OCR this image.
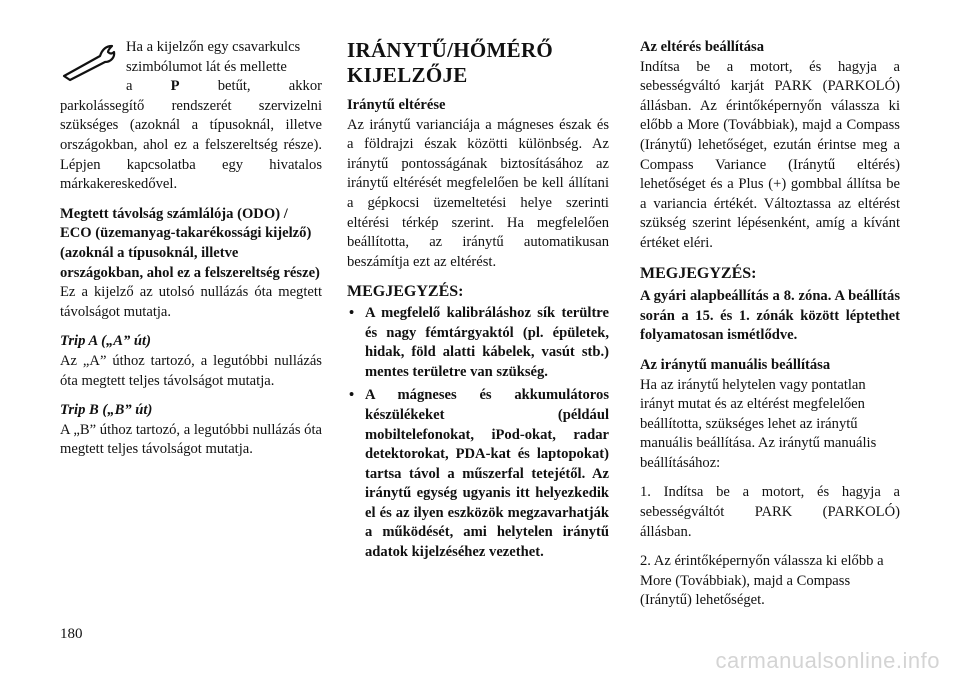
Ha a kijelzőn egy csavarkulcs
szimbólumot lát és mellette
a	P	betűt,	akkor
parkolássegítő rendszerét szervizelni szükséges (azoknál a típusoknál, illetve országokban, ahol ez a felszereltség része). Lépjen kapcsolatba egy hivatalos márkakereskedővel.
Megtett távolság számlálója (ODO) / ECO (üzemanyag-takarékossági kijelző) (azoknál a típusoknál, illetve országokban, ahol ez a felszereltség része)
Ez a kijelző az utolsó nullázás óta megtett távolságot mutatja.
Trip A („A” út)
Az „A” úthoz tartozó, a legutóbbi nullázás óta megtett teljes távolságot mutatja.
Trip B („B” út)
A „B” úthoz tartozó, a legutóbbi nullázás óta megtett teljes távolságot mutatja.
IRÁNYTŰ/HŐMÉRŐ
KIJELZŐJE
Iránytű eltérése
Az iránytű varianciája a mágneses észak és a földrajzi észak közötti különbség. Az iránytű pontosságának biztosításához az iránytű eltérését megfelelően be kell állítani a gépkocsi üzemeltetési helye szerinti eltérési térkép szerint. Ha megfelelően beállította, az iránytű automatikusan beszámítja ezt az eltérést.
MEGJEGYZÉS:
• A megfelelő kalibráláshoz sík terültre és nagy fémtárgyaktól (pl. épületek, hidak, föld alatti kábelek, vasút stb.) mentes területre van szükség.
• A mágneses és akkumulátoros készülékeket (például mobiltelefonokat, iPod-okat, radar detektorokat, PDA-kat és laptopokat) tartsa távol a műszerfal tetejétől. Az iránytű egység ugyanis itt helyezkedik el és az ilyen eszközök megzavarhatják a működését, ami helytelen iránytű adatok kijelzéséhez vezethet.
Az eltérés beállítása
Indítsa be a motort, és hagyja a sebességváltó karját PARK (PARKOLÓ) állásban. Az érintőképernyőn válassza ki előbb a More (Továbbiak), majd a Compass (Iránytű) lehetőséget, ezután érintse meg a Compass Variance (Iránytű eltérés) lehetőséget és a Plus (+) gombbal állítsa be a variancia értékét. Változtassa az eltérést szükség szerint lépésenként, amíg a kívánt értéket eléri.
MEGJEGYZÉS:
A gyári alapbeállítás a 8. zóna. A beállítás során a 15. és 1. zónák között léptethet folyamatosan ismétlődve.
Az iránytű manuális beállítása
Ha az iránytű helytelen vagy pontatlan irányt mutat és az eltérést megfelelően beállította, szükséges lehet az iránytű manuális beállítása. Az iránytű manuális beállításához:
1. Indítsa be a motort, és hagyja a sebességváltót PARK (PARKOLÓ) állásban.
2. Az érintőképernyőn válassza ki előbb a More (Továbbiak), majd a Compass (Iránytű) lehetőséget.
180
carmanualsonline.info
